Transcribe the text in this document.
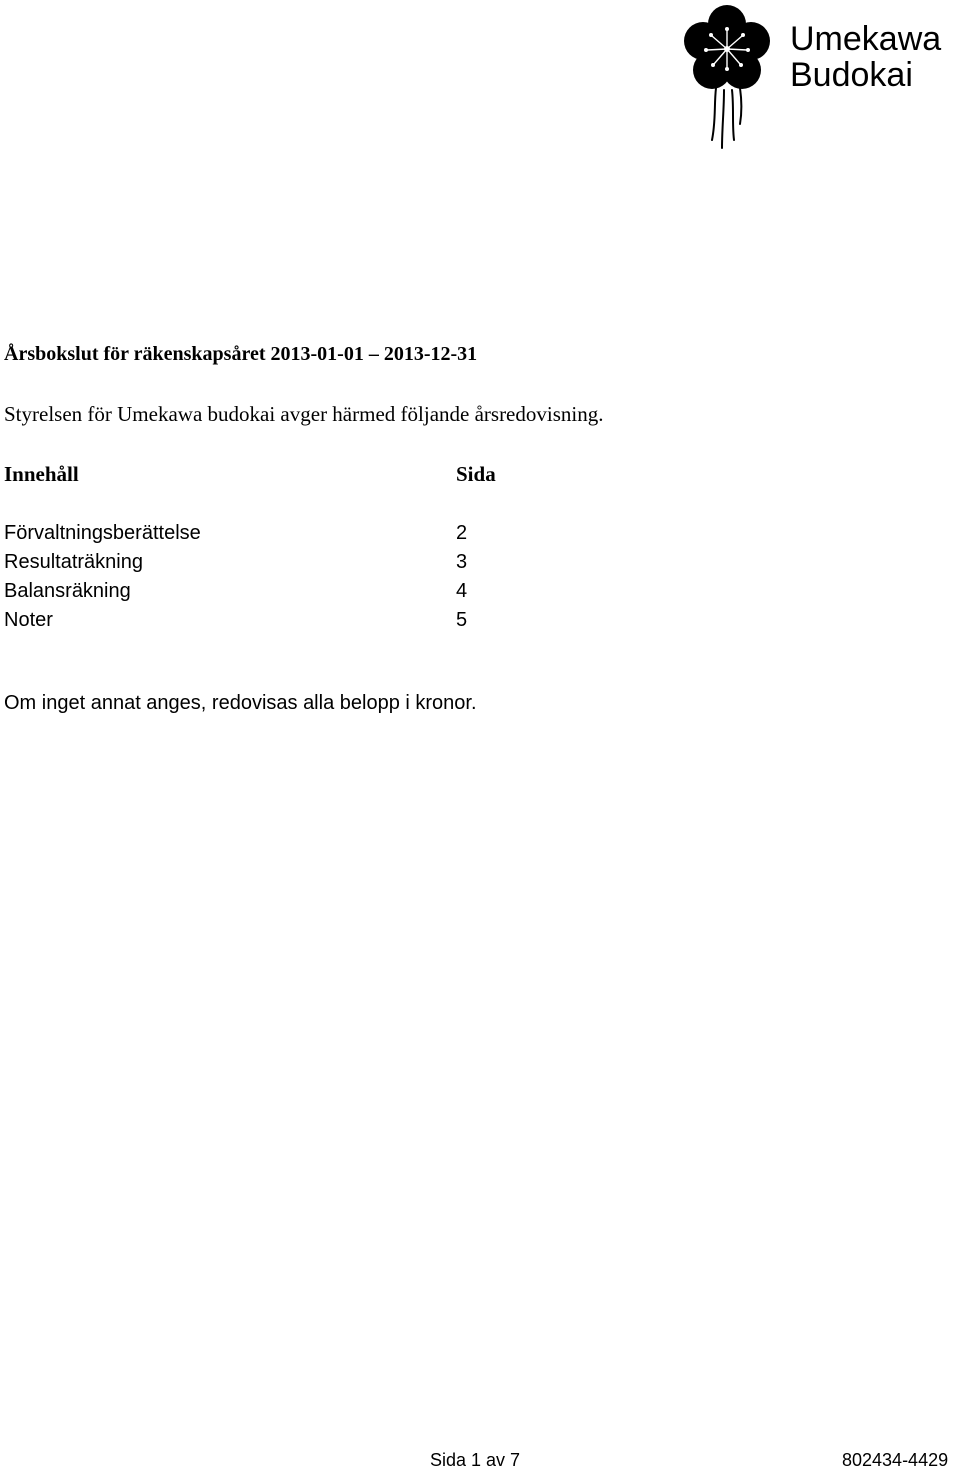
Umekawa
Budokai
Årsbokslut för räkenskapsåret 2013-01-01 – 2013-12-31
Styrelsen för Umekawa budokai avger härmed följande årsredovisning.
Innehåll	Sida
Förvaltningsberättelse	2
Resultaträkning	3
Balansräkning	4
Noter	5
Om inget annat anges, redovisas alla belopp i kronor.
Sida 1 av 7	802434-4429
